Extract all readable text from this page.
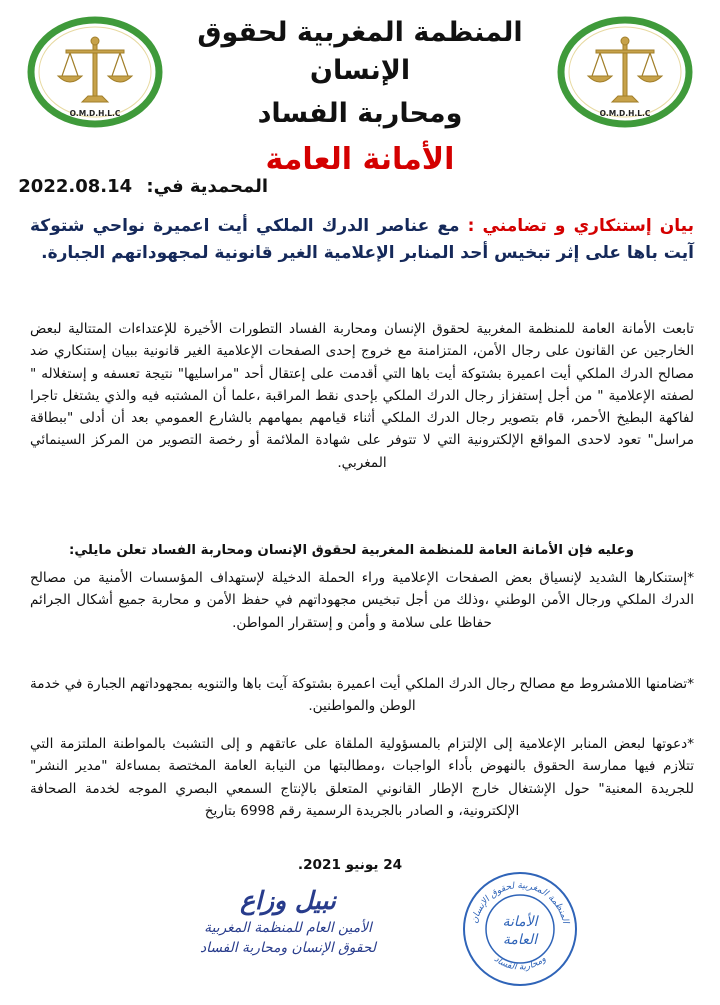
O.M.D.H.L.C	O.M.D.H.L.C
المنظمة المغربية لحقوق الإنسان
ومحاربة الفساد
الأمانة العامة
المحمدية في: 2022.08.14
بيان إستنكاري و تضامني : مع عناصر الدرك الملكي أيت اعميرة نواحي شتوكة آيت باها على إثر تبخيس أحد المنابر الإعلامية الغير قانونية لمجهوداتهم الجبارة.
تابعت الأمانة العامة للمنظمة المغربية لحقوق الإنسان ومحاربة الفساد التطورات الأخيرة للإعتداءات المتتالية لبعض الخارجين عن القانون على رجال الأمن، المتزامنة مع خروج إحدى الصفحات الإعلامية الغير قانونية ببيان إستنكاري ضد مصالح الدرك الملكي أيت اعميرة بشتوكة أيت باها التي أقدمت على إعتقال أحد "مراسليها" نتيجة تعسفه و إستغلاله " لصفته الإعلامية " من أجل إستفزاز رجال الدرك الملكي بإحدى نقط المراقبة ،علما أن المشتبه فيه والذي يشتغل تاجرا لفاكهة البطيخ الأحمر، قام بتصوير رجال الدرك الملكي أثناء قيامهم بمهامهم بالشارع العمومي بعد أن أدلى "ببطاقة مراسل" تعود لاحدى المواقع الإلكترونية التي لا تتوفر على شهادة الملائمة أو رخصة التصوير من المركز السينمائي المغربي.
وعليه فإن الأمانة العامة للمنظمة المغربية لحقوق الإنسان ومحاربة الفساد تعلن مايلي:
*إستنكارها الشديد لإنسياق بعض الصفحات الإعلامية وراء الحملة الدخيلة لإستهداف المؤسسات الأمنية من مصالح الدرك الملكي ورجال الأمن الوطني ،وذلك من أجل تبخيس مجهوداتهم في حفظ الأمن و محاربة جميع أشكال الجرائم حفاظا على سلامة و وأمن و إستقرار المواطن.
*تضامنها اللامشروط مع مصالح رجال الدرك الملكي أيت اعميرة بشتوكة آيت باها والتنويه بمجهوداتهم الجبارة في خدمة الوطن والمواطنين.
*دعوتها لبعض المنابر الإعلامية إلى الإلتزام بالمسؤولية الملقاة على عاتقهم و إلى التشبث بالمواطنة الملتزمة التي تتلازم فيها ممارسة الحقوق بالنهوض بأداء الواجبات ،ومطالبتها من النيابة العامة المختصة بمساءلة "مدير النشر" للجريدة المعنية" حول الإشتغال خارج الإطار القانوني المتعلق بالإنتاج السمعي البصري الموجه لخدمة الصحافة الإلكترونية، و الصادر بالجريدة الرسمية رقم 6998 بتاريخ
24 يونيو 2021.
نبيل وزاع
الأمين العام للمنظمة المغربية
لحقوق الإنسان ومحاربة الفساد
المنظمة المغربية لحقوق الإنسان
ومحاربة الفساد
الأمانة
العامة
